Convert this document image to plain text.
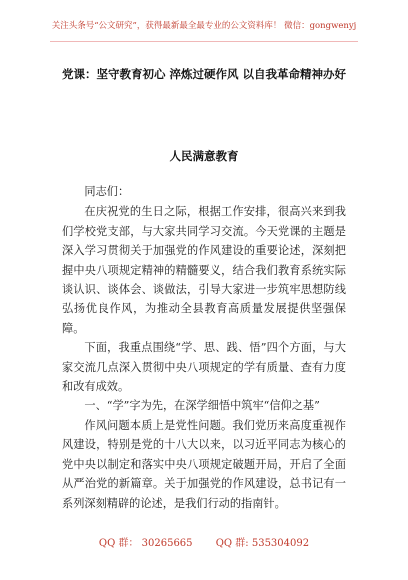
关注头条号“公文研究”，获得最新最全最专业的公文资料库！ 微信：gongwenyj
党课：坚守教育初心 淬炼过硬作风 以自我革命精神办好
人民满意教育

同志们：

在庆祝党的生日之际，根据工作安排，很高兴来到我们学校党支部，与大家共同学习交流。今天党课的主题是深入学习贯彻关于加强党的作风建设的重要论述，深刻把握中央八项规定精神的精髓要义，结合我们教育系统实际谈认识、谈体会、谈做法，引导大家进一步筑牢思想防线弘扬优良作风，为推动全县教育高质量发展提供坚强保障。

下面，我重点围绕“学、思、践、悟”四个方面，与大家交流几点深入贯彻中央八项规定的学有质量、查有力度和改有成效。

一、“学”字为先，在深学细悟中筑牢“信仰之基”

作风问题本质上是党性问题。我们党历来高度重视作风建设，特别是党的十八大以来，以习近平同志为核心的党中央以制定和落实中央八项规定破题开局，开启了全面从严治党的新篇章。关于加强党的作风建设，总书记有一系列深刻精辟的论述，是我们行动的指南针。

QQ 群： 30265665 QQ 群: 535304092
